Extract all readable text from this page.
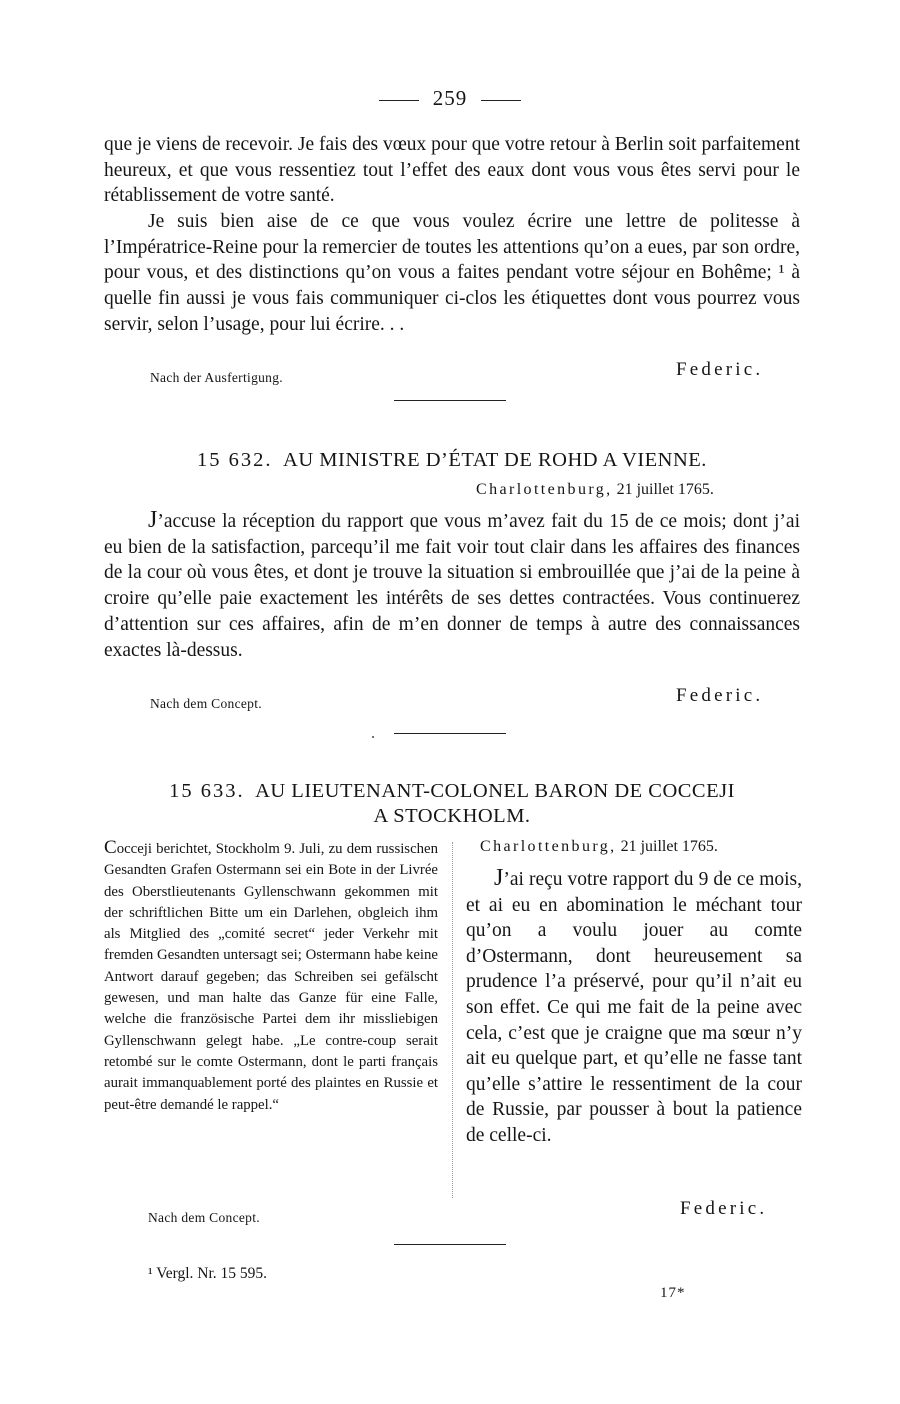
259

que je viens de recevoir. Je fais des vœux pour que votre retour à Berlin soit parfaitement heureux, et que vous ressentiez tout l’effet des eaux dont vous vous êtes servi pour le rétablissement de votre santé.

Je suis bien aise de ce que vous voulez écrire une lettre de politesse à l’Impératrice-Reine pour la remercier de toutes les attentions qu’on a eues, par son ordre, pour vous, et des distinctions qu’on vous a faites pendant votre séjour en Bohême; ¹ à quelle fin aussi je vous fais communiquer ci-clos les étiquettes dont vous pourrez vous servir, selon l’usage, pour lui écrire. . .

Nach der Ausfertigung.	Federic.
15 632. AU MINISTRE D’ÉTAT DE ROHD A VIENNE.
Charlottenburg, 21 juillet 1765.

J’accuse la réception du rapport que vous m’avez fait du 15 de ce mois; dont j’ai eu bien de la satisfaction, parcequ’il me fait voir tout clair dans les affaires des finances de la cour où vous êtes, et dont je trouve la situation si embrouillée que j’ai de la peine à croire qu’elle paie exactement les intérêts de ses dettes contractées. Vous continuerez d’attention sur ces affaires, afin de m’en donner de temps à autre des connaissances exactes là-dessus.

Nach dem Concept.	Federic.
15 633. AU LIEUTENANT-COLONEL BARON DE COCCEJI
A STOCKHOLM.

Cocceji berichtet, Stockholm 9. Juli, zu dem russischen Gesandten Grafen Ostermann sei ein Bote in der Livrée des Oberstlieutenants Gyllenschwann gekommen mit der schriftlichen Bitte um ein Darlehen, obgleich ihm als Mitglied des „comité secret“ jeder Verkehr mit fremden Gesandten untersagt sei; Ostermann habe keine Antwort darauf gegeben; das Schreiben sei gefälscht gewesen, und man halte das Ganze für eine Falle, welche die französische Partei dem ihr missliebigen Gyllenschwann gelegt habe. „Le contre-coup serait retombé sur le comte Ostermann, dont le parti français aurait immanquablement porté des plaintes en Russie et peut-être demandé le rappel.“

Charlottenburg, 21 juillet 1765.

J’ai reçu votre rapport du 9 de ce mois, et ai eu en abomination le méchant tour qu’on a voulu jouer au comte d’Ostermann, dont heureusement sa prudence l’a préservé, pour qu’il n’ait eu son effet. Ce qui me fait de la peine avec cela, c’est que je craigne que ma sœur n’y ait eu quelque part, et qu’elle ne fasse tant qu’elle s’attire le ressentiment de la cour de Russie, par pousser à bout la patience de celle-ci.

Nach dem Concept.	Federic.
¹ Vergl. Nr. 15 595.
17*
